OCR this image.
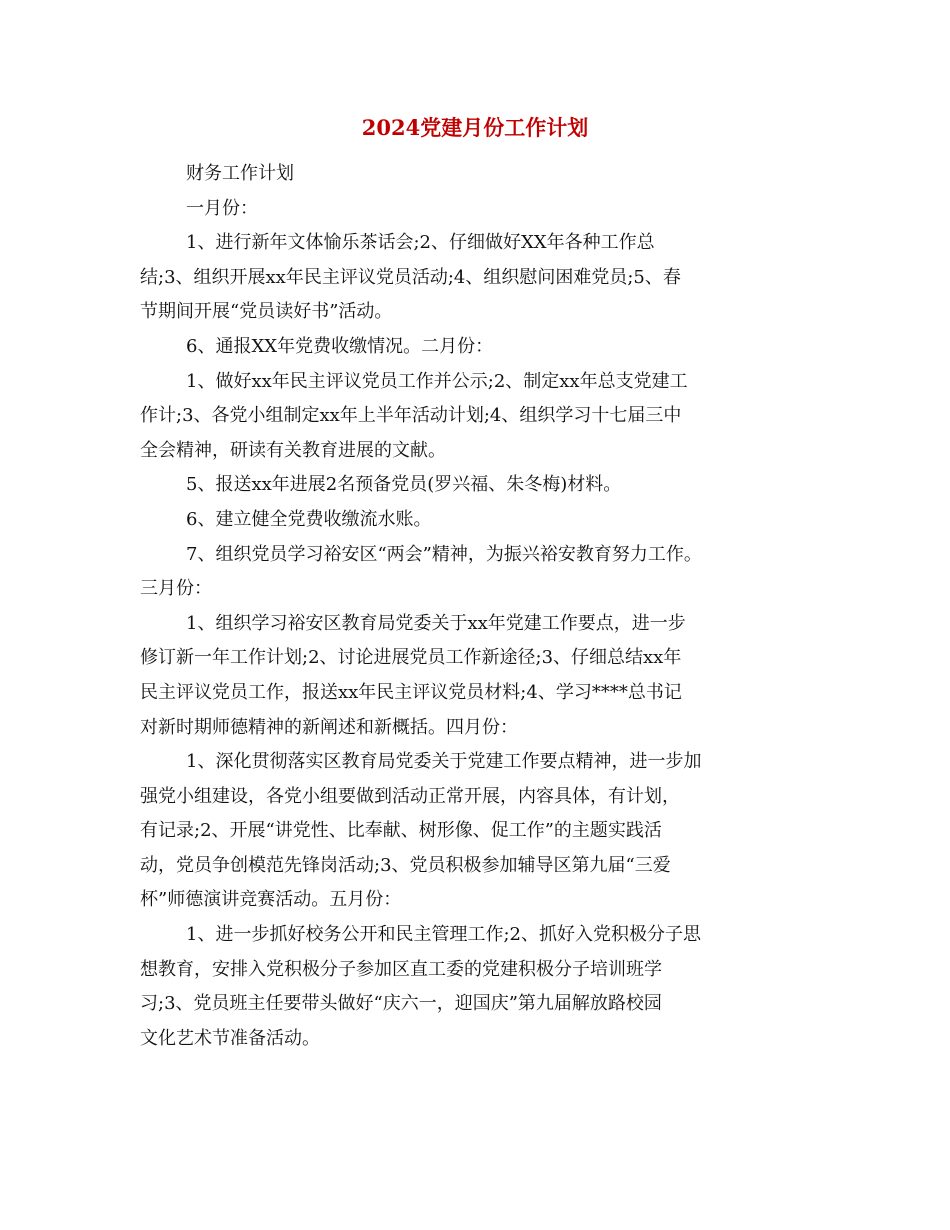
2024党建月份工作计划
财务工作计划
一月份：
1、进行新年文体愉乐茶话会;2、仔细做好XX年各种工作总
结;3、组织开展xx年民主评议党员活动;4、组织慰问困难党员;5、春
节期间开展“党员读好书”活动。
6、通报XX年党费收缴情况。二月份：
1、做好xx年民主评议党员工作并公示;2、制定xx年总支党建工
作计;3、各党小组制定xx年上半年活动计划;4、组织学习十七届三中
全会精神，研读有关教育进展的文献。
5、报送xx年进展2名预备党员(罗兴福、朱冬梅)材料。
6、建立健全党费收缴流水账。
7、组织党员学习裕安区“两会”精神，为振兴裕安教育努力工作。
三月份：
1、组织学习裕安区教育局党委关于xx年党建工作要点，进一步
修订新一年工作计划;2、讨论进展党员工作新途径;3、仔细总结xx年
民主评议党员工作，报送xx年民主评议党员材料;4、学习****总书记
对新时期师德精神的新阐述和新概括。四月份：
1、深化贯彻落实区教育局党委关于党建工作要点精神，进一步加
强党小组建设，各党小组要做到活动正常开展，内容具体，有计划，
有记录;2、开展“讲党性、比奉献、树形像、促工作”的主题实践活
动，党员争创模范先锋岗活动;3、党员积极参加辅导区第九届“三爱
杯”师德演讲竞赛活动。五月份：
1、进一步抓好校务公开和民主管理工作;2、抓好入党积极分子思
想教育，安排入党积极分子参加区直工委的党建积极分子培训班学
习;3、党员班主任要带头做好“庆六一，迎国庆”第九届解放路校园
文化艺术节准备活动。
